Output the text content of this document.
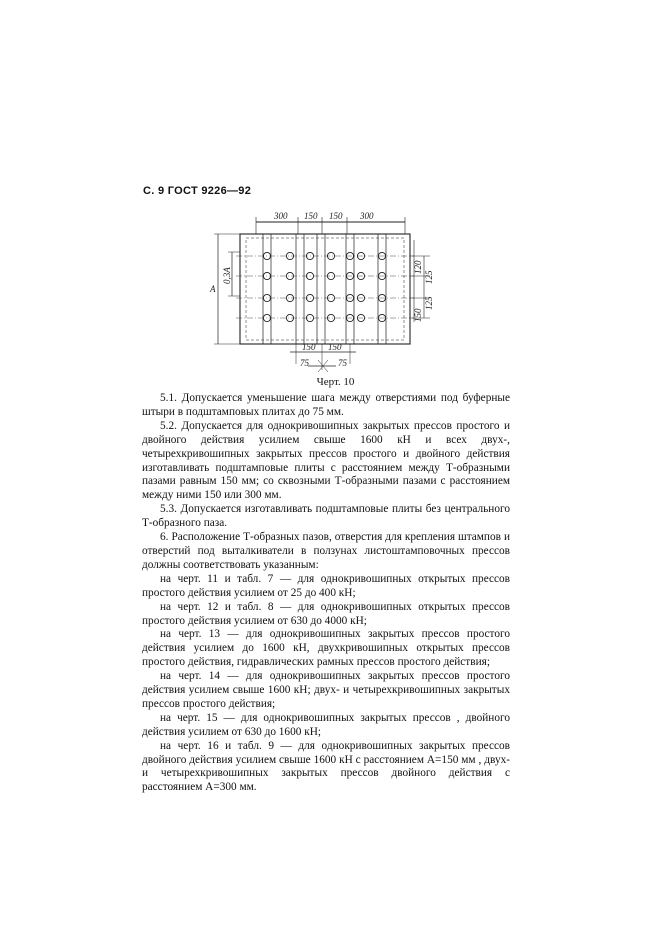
С. 9 ГОСТ 9226—92
300 150 150 300
150 150
75	75
А
0,3А	120
125
125
150
Черт. 10

5.1. Допускается уменьшение шага между отверстиями под буферные штыри в подштамповых плитах до 75 мм.

5.2. Допускается для однокривошипных закрытых прессов простого и двойного действия усилием свыше 1600 кН и всех двух-, четырехкривошипных закрытых прессов простого и двойного действия изготавливать подштамповые плиты с расстоянием между Т-образными пазами равным 150 мм; со сквозными Т-образными пазами с расстоянием между ними 150 или 300 мм.

5.3. Допускается изготавливать подштамповые плиты без центрального Т-образного паза.

6. Расположение Т-образных пазов, отверстия для крепления штампов и отверстий под выталкиватели в ползунах листоштамповочных прессов должны соответствовать указанным:

на черт. 11 и табл. 7 — для однокривошипных открытых прессов простого действия усилием от 25 до 400 кН;

на черт. 12 и табл. 8 — для однокривошипных открытых прессов простого действия усилием от 630 до 4000 кН;

на черт. 13 — для однокривошипных закрытых прессов простого действия усилием до 1600 кН, двухкривошипных открытых прессов простого действия, гидравлических рамных прессов простого действия;

на черт. 14 — для однокривошипных закрытых прессов простого действия усилием свыше 1600 кН; двух- и четырехкривошипных закрытых прессов простого действия;

на черт. 15 — для однокривошипных закрытых прессов , двойного действия усилием от 630 до 1600 кН;

на черт. 16 и табл. 9 — для однокривошипных закрытых прессов двойного действия усилием свыше 1600 кН с расстоянием А=150 мм , двух- и четырехкривошипных закрытых прессов двойного действия с расстоянием А=300 мм.
